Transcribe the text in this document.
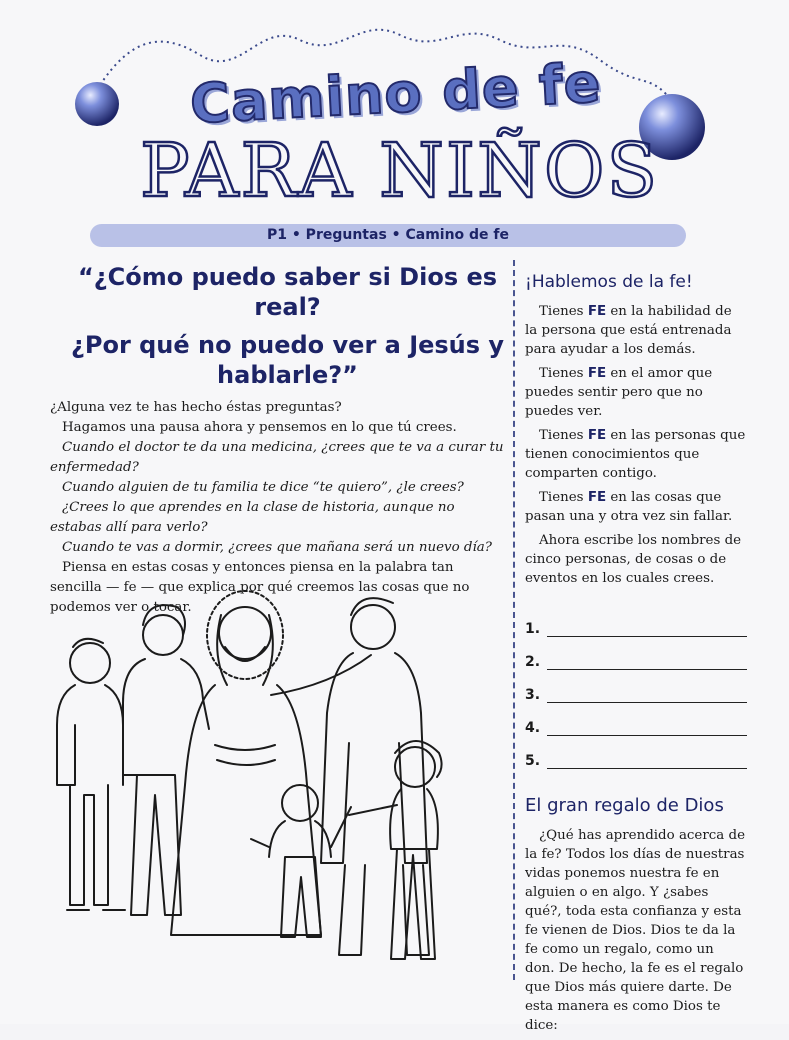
Camino de fe
PARA NIÑOS
P1 • Preguntas • Camino de fe
“¿Cómo puedo saber si Dios es real?
¿Por qué no puedo ver a Jesús y hablarle?”

¿Alguna vez te has hecho éstas preguntas?

Hagamos una pausa ahora y pensemos en lo que tú crees.

Cuando el doctor te da una medicina, ¿crees que te va a curar tu enfermedad?

Cuando alguien de tu familia te dice “te quiero”, ¿le crees?

¿Crees lo que aprendes en la clase de historia, aunque no estabas allí para verlo?

Cuando te vas a dormir, ¿crees que mañana será un nuevo día?

Piensa en estas cosas y entonces piensa en la palabra tan sencilla — fe — que explica por qué creemos las cosas que no podemos ver o tocar.

¡Hablemos de la fe!

Tienes FE en la habilidad de la persona que está entrenada para ayudar a los demás.

Tienes FE en el amor que puedes sentir pero que no puedes ver.

Tienes FE en las personas que tienen conocimientos que comparten contigo.

Tienes FE en las cosas que pasan una y otra vez sin fallar.

Ahora escribe los nombres de cinco personas, de cosas o de eventos en los cuales crees.

1.
2.
3.
4.
5.
El gran regalo de Dios

¿Qué has aprendido acerca de la fe? Todos los días de nuestras vidas ponemos nuestra fe en alguien o en algo. Y ¿sabes qué?, toda esta confianza y esta fe vienen de Dios. Dios te da la fe como un regalo, como un don. De hecho, la fe es el regalo que Dios más quiere darte. De esta manera es como Dios te dice:
